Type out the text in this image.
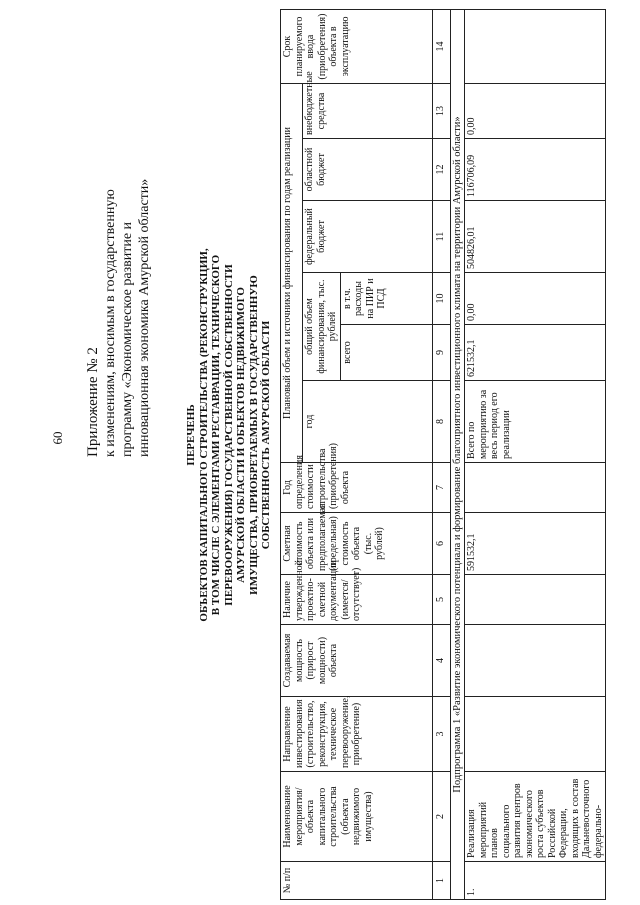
60 Приложение № 2 к изменениям, вносимым в государственную программу «Экономическое развитие и инновационная экономика Амурской области»	ПЕРЕЧЕНЬ ОБЪЕКТОВ КАПИТАЛЬНОГО СТРОИТЕЛЬСТВА (РЕКОНСТРУКЦИИ, В ТОМ ЧИСЛЕ С ЭЛЕМЕНТАМИ РЕСТАВРАЦИИ, ТЕХНИЧЕСКОГО ПЕРЕВООРУЖЕНИЯ) ГОСУДАРСТВЕННОЙ СОБСТВЕННОСТИ АМУРСКОЙ ОБЛАСТИ И ОБЪЕКТОВ НЕДВИЖИМОГО ИМУЩЕСТВА, ПРИОБРЕТАЕМЫХ В ГОСУДАРСТВЕННУЮ СОБСТВЕННОСТЬ АМУРСКОЙ ОБЛАСТИ
№ п/п	Наименование мероприятия/объекта капитального строительства (объекта недвижимого имущества)	Направление инвестирования (строительство, реконструкция, техническое перевооружение, приобретение)	Создаваемая мощность (прирост мощности) объекта	Наличие утвержденной проектно-сметной документации (имеется/отсутствует)	Сметная стоимость объекта или предполагаемая (предельная) стоимость объекта (тыс. рублей)	Год определения стоимости строительства (приобретения) объекта	Плановый объем и источники финансирования по годам реализации						Срок планируемого ввода (приобретения) объекта в эксплуатацию
							год	общий объем финансирования, тыс. рублей		федеральный бюджет	областной бюджет	внебюджетные средства	
								всего	в т.ч. расходы на ПИР и ПСД				
1	2	3	4	5	6	7	8	9	10	11	12	13	14
Подпрограмма 1 «Развитие экономического потенциала и формирование благоприятного инвестиционного климата на территории Амурской области»													
1.	Реализация мероприятий планов социального развития центров экономического роста субъектов Российской Федерации, входящих в состав Дальневосточного федерально-				591532,1		Всего по мероприятию за весь период его реализации	621532,1	0,00	504826,01	116706,09	0,00	
